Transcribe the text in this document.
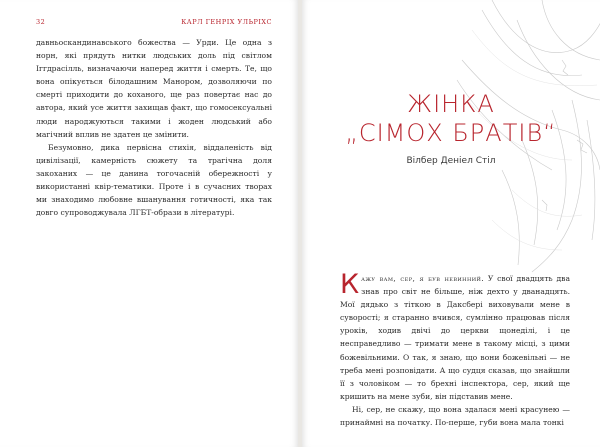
32	КАРЛ ГЕНРІХ УЛЬРІХС

давньоскандинавського божества — Урди. Це одна з норн, які прядуть нитки людських доль під світлом Іггдрасілль, визначаючи наперед життя і смерть. Те, що вона опікується білодашним Манором, дозволяючи по смерті приходити до коханого, ще раз повертає нас до автора, який усе життя захищав факт, що гомосексуальні люди народжуються такими і жоден людський або магічний вплив не здатен це змінити.

Безумовно, дика первісна стихія, віддаленість від цивілізації, камерність сюжету та трагічна доля закоханих — це данина тогочасній обережності у використанні квір-тематики. Проте і в сучасних творах ми знаходимо любовне вшанування готичності, яка так довго супроводжувала ЛГБТ-образи в літературі.

ЖІНКА
„СІМОХ БРАТІВ“
Вілбер Деніел Стіл

Кажу вам, сер, я був невинний. У свої двадцять два знав про світ не більше, ніж дехто у дванадцять. Мої дядько з тіткою в Даксбері виховували мене в суворості; я старанно вчився, сумлінно працював після уроків, ходив двічі до церкви щонеділі, і це несправедливо — тримати мене в такому місці, з цими божевільними. О так, я знаю, що вони божевільні — не треба мені розповідати. А що судця сказав, що знайшли її з чоловіком — то брехні інспектора, сер, який ще кришить на мене зуби, він підставив мене.

Ні, сер, не скажу, що вона здалася мені красунею — принаймні на початку. По-перше, губи вона мала тонкі
